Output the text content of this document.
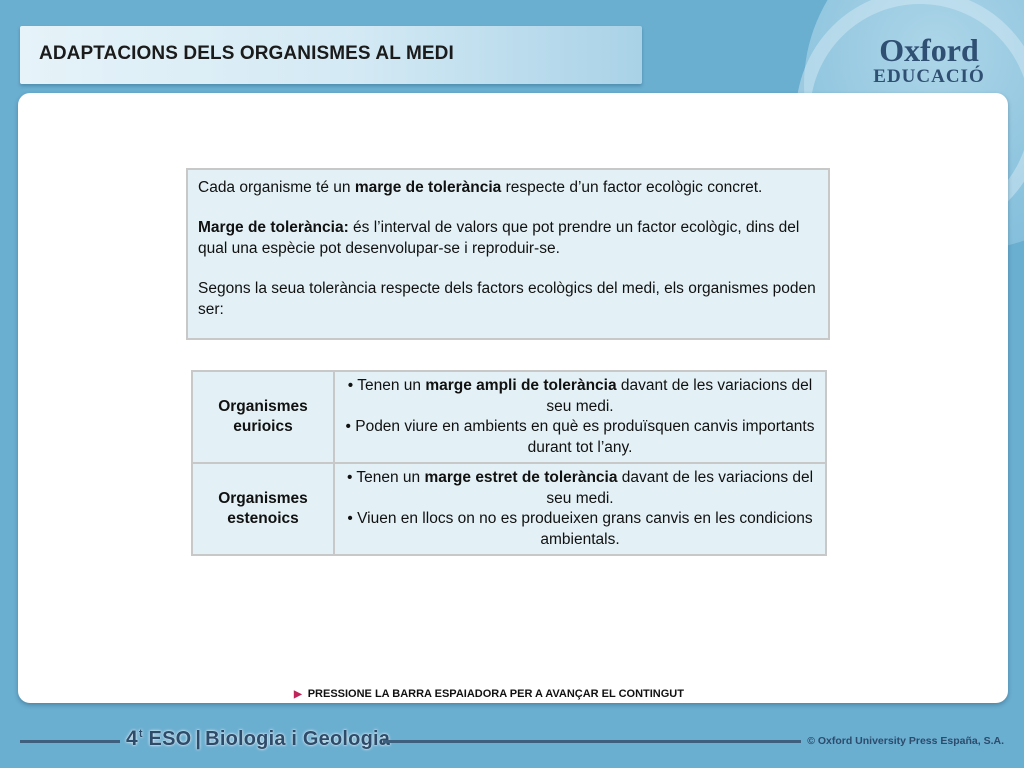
ADAPTACIONS DELS ORGANISMES AL MEDI	Oxford
EDUCACIÓ

Cada organisme té un marge de tolerància respecte d’un factor ecològic concret.

Marge de tolerància: és l’interval de valors que pot prendre un factor ecològic, dins del qual una espècie pot desenvolupar-se i reproduir-se.

Segons la seua tolerància respecte dels factors ecològics del medi, els organismes poden ser:

Organismes
eurioics	• Tenen un marge ampli de tolerància davant de les variacions del seu medi.
• Poden viure en ambients en què es produïsquen canvis importants durant tot l’any.
Organismes
estenoics	• Tenen un marge estret de tolerància davant de les variacions del seu medi.
• Viuen en llocs on no es produeixen grans canvis en les condicions ambientals.
▶ PRESSIONE LA BARRA ESPAIADORA PER A AVANÇAR EL CONTINGUT
4$^t$ ESO | Biologia i Geologia	© Oxford University Press España, S.A.
